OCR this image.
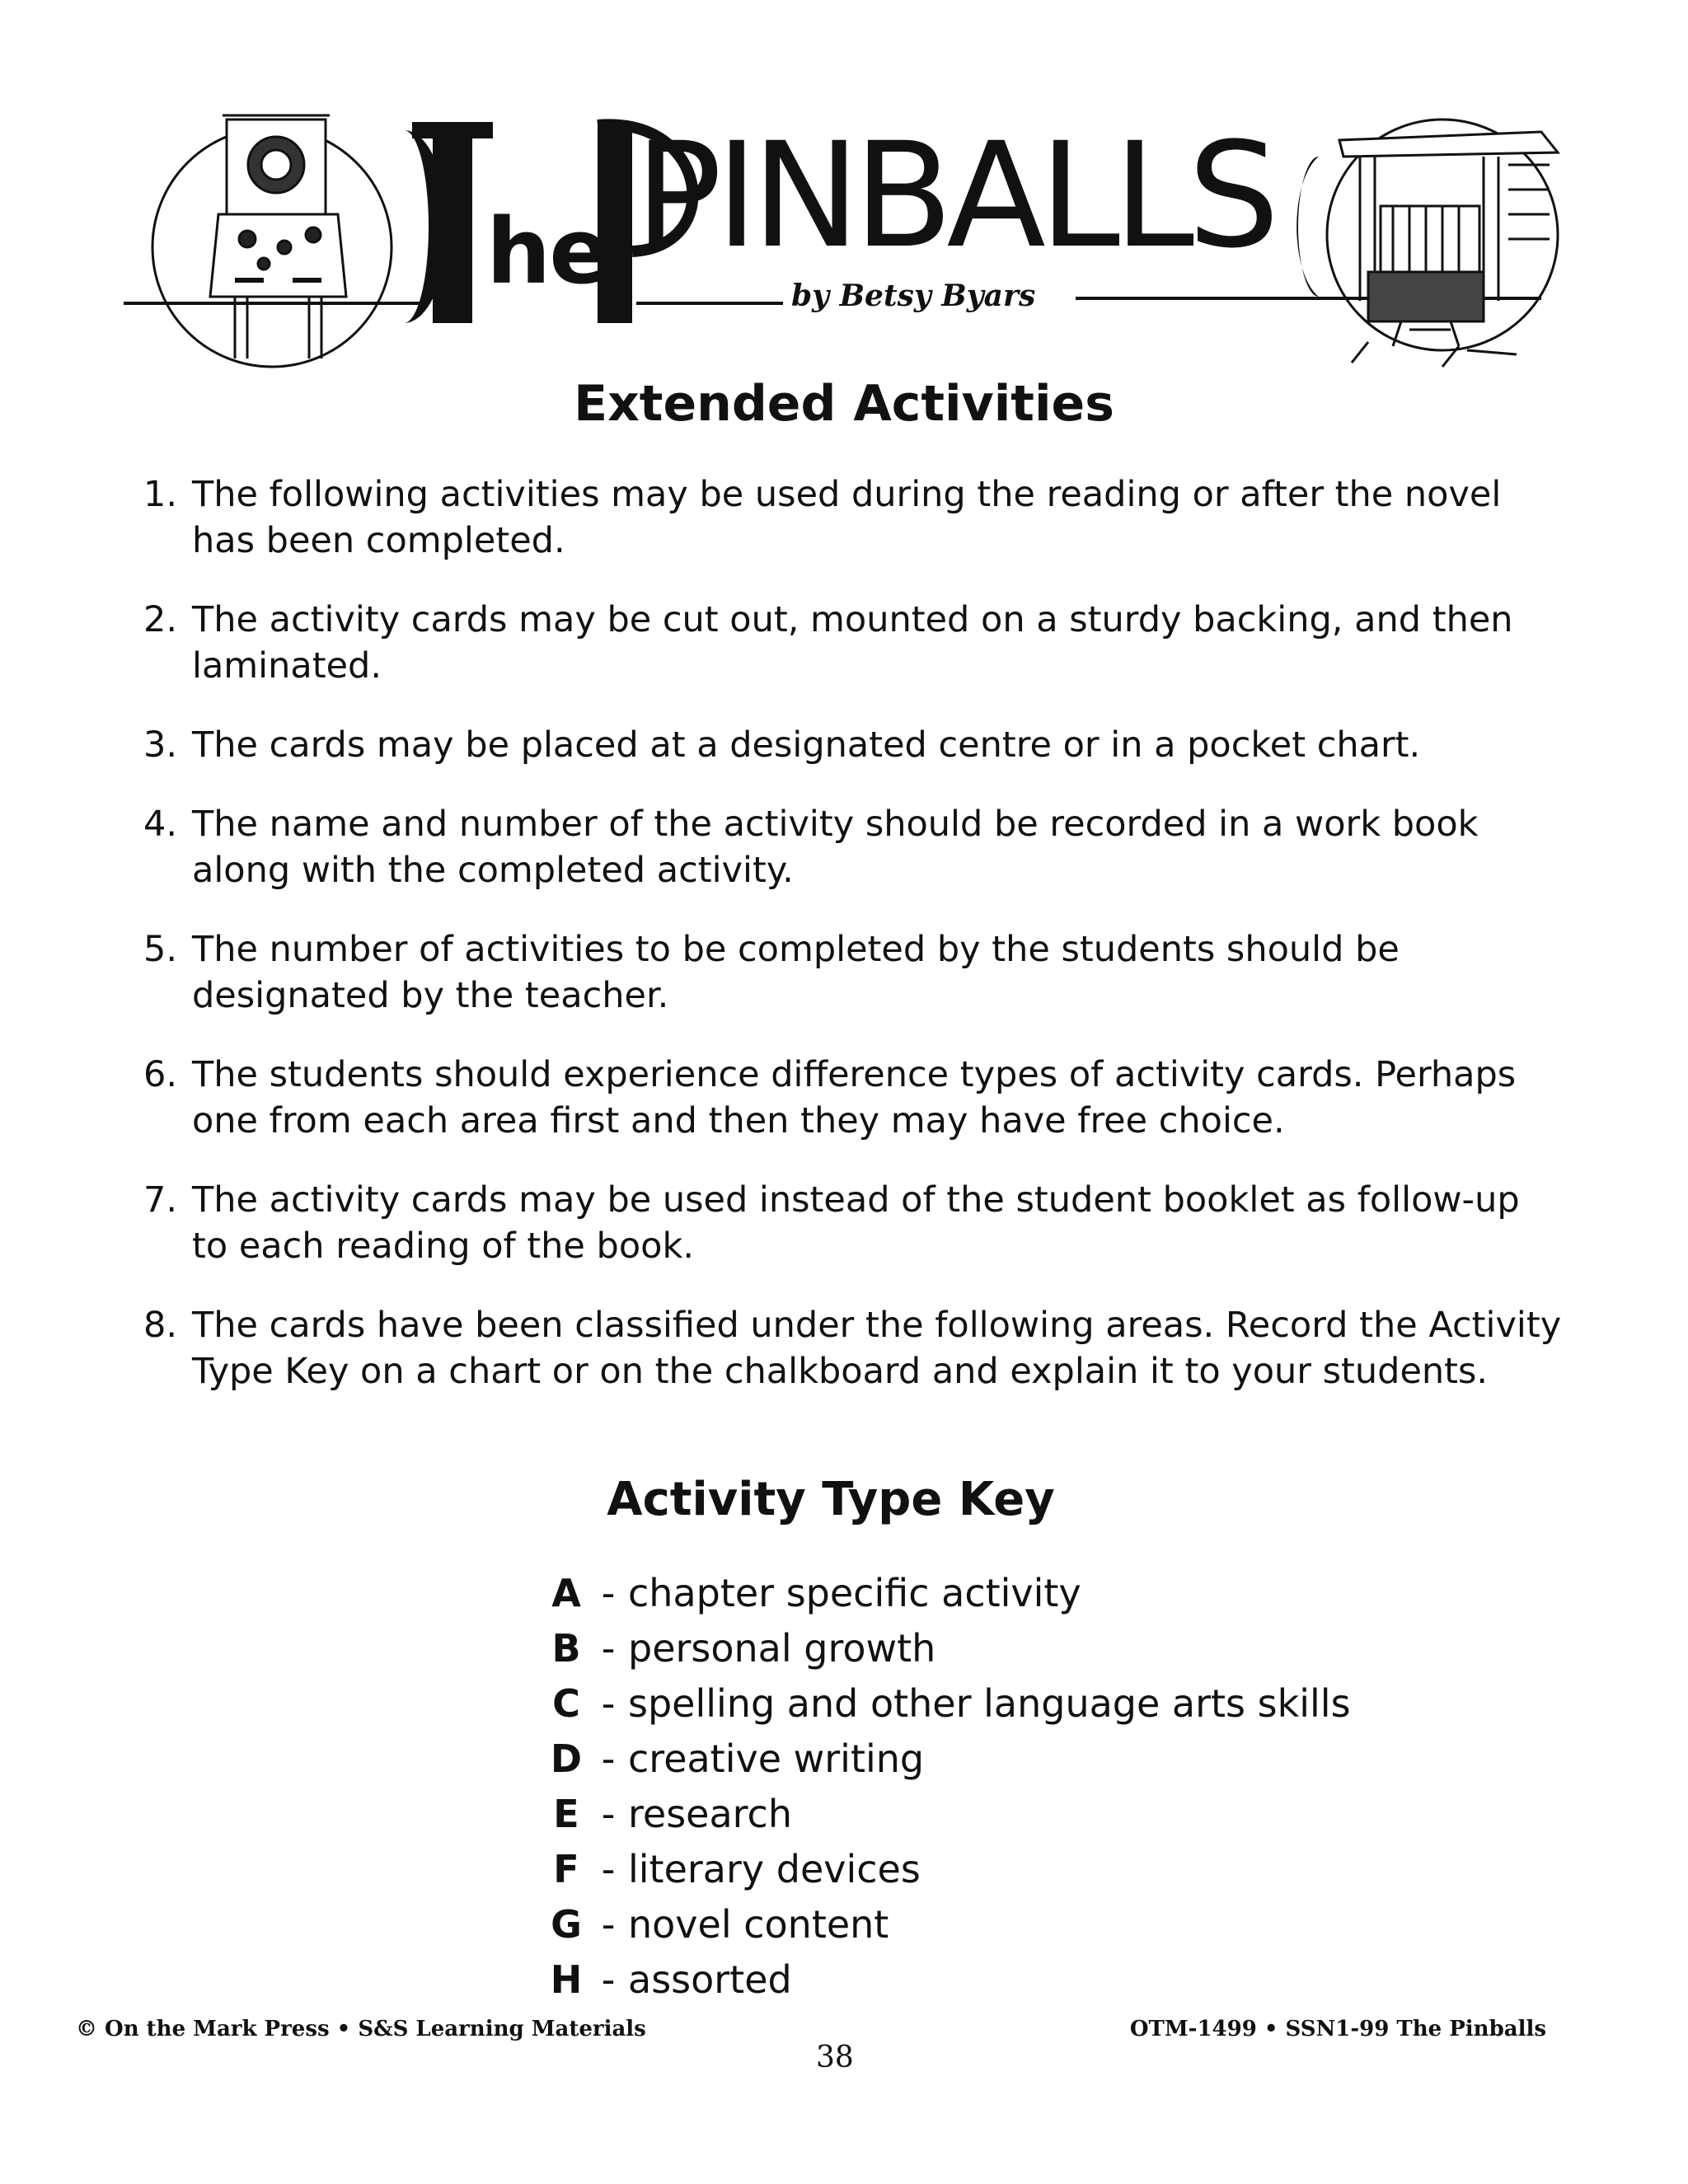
he PINBALLS
by Betsy Byars
Extended Activities
1. The following activities may be used during the reading or after the novel has been completed.
2. The activity cards may be cut out, mounted on a sturdy backing, and then laminated.
3. The cards may be placed at a designated centre or in a pocket chart.
4. The name and number of the activity should be recorded in a work book along with the completed activity.
5. The number of activities to be completed by the students should be designated by the teacher.
6. The students should experience difference types of activity cards. Perhaps one from each area first and then they may have free choice.
7. The activity cards may be used instead of the student booklet as follow-up to each reading of the book.
8. The cards have been classified under the following areas. Record the Activity Type Key on a chart or on the chalkboard and explain it to your students.
Activity Type Key
A - chapter specific activity
B - personal growth
C - spelling and other language arts skills
D - creative writing
E - research
F - literary devices
G - novel content
H - assorted

© On the Mark Press • S&S Learning Materials

38

OTM-1499 • SSN1-99 The Pinballs
